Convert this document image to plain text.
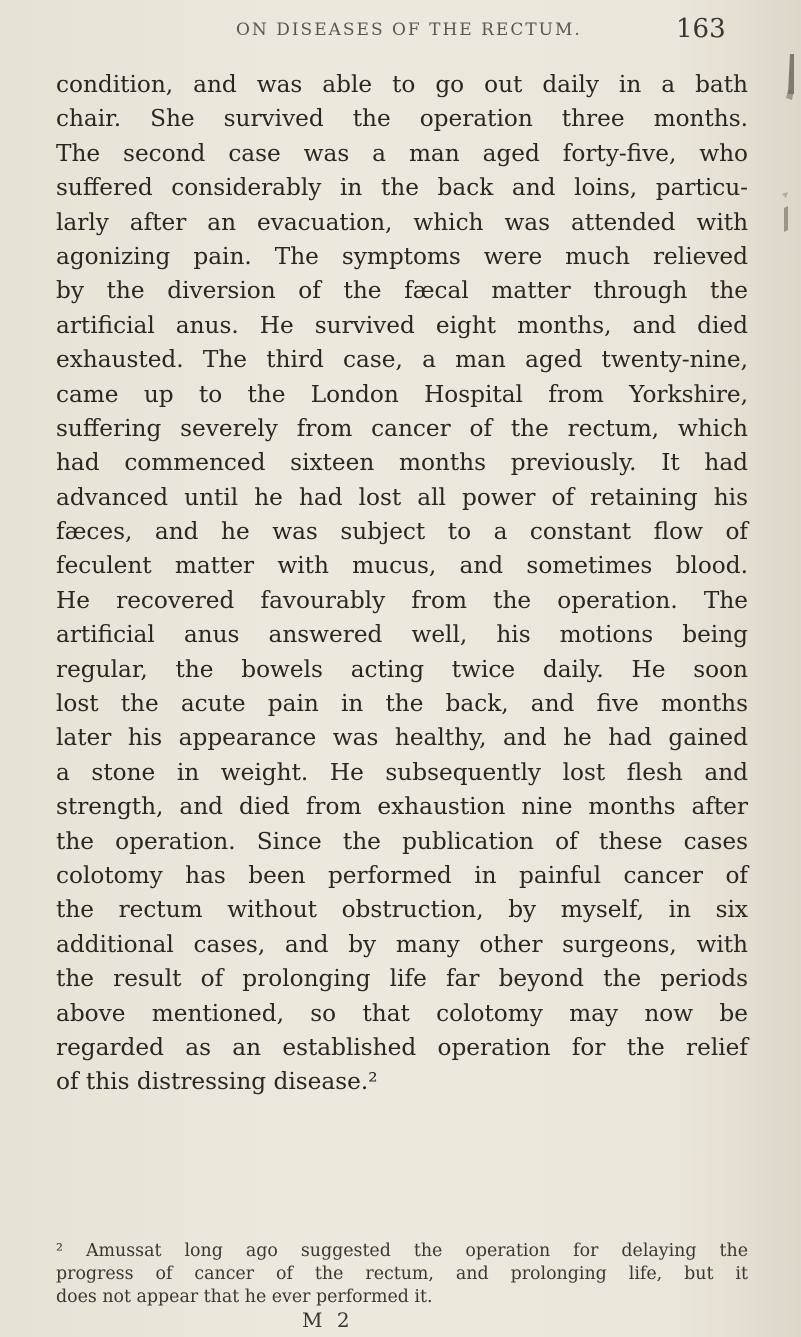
ON DISEASES OF THE RECTUM.	163
condition, and was able to go out daily in a bath
chair. She survived the operation three months.
The second case was a man aged forty-five, who
suffered considerably in the back and loins, particu-
larly after an evacuation, which was attended with
agonizing pain. The symptoms were much relieved
by the diversion of the fæcal matter through the
artificial anus. He survived eight months, and died
exhausted. The third case, a man aged twenty-nine,
came up to the London Hospital from Yorkshire,
suffering severely from cancer of the rectum, which
had commenced sixteen months previously. It had
advanced until he had lost all power of retaining his
fæces, and he was subject to a constant flow of
feculent matter with mucus, and sometimes blood.
He recovered favourably from the operation. The
artificial anus answered well, his motions being
regular, the bowels acting twice daily. He soon
lost the acute pain in the back, and five months
later his appearance was healthy, and he had gained
a stone in weight. He subsequently lost flesh and
strength, and died from exhaustion nine months after
the operation. Since the publication of these cases
colotomy has been performed in painful cancer of
the rectum without obstruction, by myself, in six
additional cases, and by many other surgeons, with
the result of prolonging life far beyond the periods
above mentioned, so that colotomy may now be
regarded as an established operation for the relief
of this distressing disease.²
² Amussat long ago suggested the operation for delaying the
progress of cancer of the rectum, and prolonging life, but it
does not appear that he ever performed it.
M 2
